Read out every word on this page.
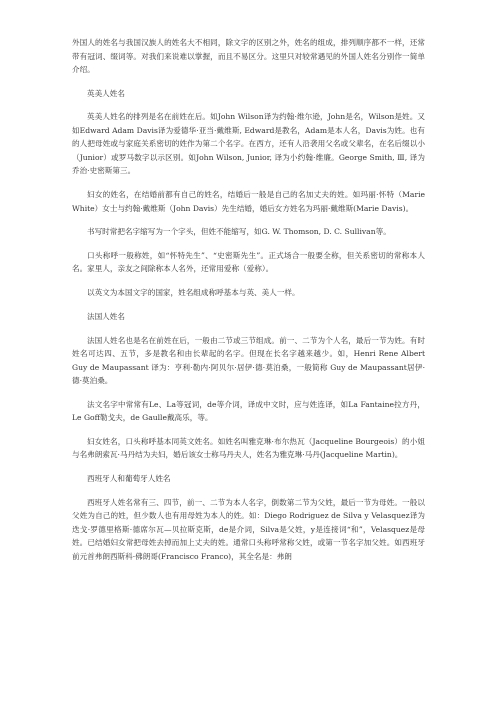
外国人的姓名与我国汉族人的姓名大不相同，除文字的区别之外，姓名的组成，排列顺序都不一样，还常带有冠词、缀词等。对我们来说难以掌握，而且不易区分。这里只对较常遇见的外国人姓名分别作一简单介绍。

英美人姓名

英美人姓名的排列是名在前姓在后。如John Wilson译为约翰·维尔逊，John是名，Wilson是姓。又如Edward Adam Davis译为爱德华·亚当·戴维斯, Edward是教名，Adam是本人名，Davis为姓。也有的人把母姓或与家庭关系密切的姓作为第二个名字。在西方，还有人沿袭用父名或父辈名，在名后缀以小（Junior）或罗马数字以示区别。如John Wilson, Junior, 译为小约翰·维廉。George Smith, Ⅲ, 译为乔治·史密斯第三。

妇女的姓名，在结婚前都有自己的姓名，结婚后一般是自己的名加丈夫的姓。如玛丽·怀特（Marie White）女士与约翰·戴维斯（John Davis）先生结婚，婚后女方姓名为玛丽·戴维斯(Marie Davis)。

书写时常把名字缩写为一个字头，但姓不能缩写，如G. W. Thomson, D. C. Sullivan等。

口头称呼一般称姓，如“怀特先生”、“史密斯先生”。正式场合一般要全称，但关系密切的常称本人名。家里人，亲友之间除称本人名外，还常用爱称（爱称）。

以英文为本国文字的国家，姓名组成称呼基本与英、美人一样。

法国人姓名

法国人姓名也是名在前姓在后，一般由二节或三节组成。前一、二节为个人名，最后一节为姓。有时姓名可达四、五节，多是教名和由长辈起的名字。但现在长名字越来越少。如，Henri Rene Albert Guy de Maupassant 译为：亨利·勒内·阿贝尔·居伊·德·莫泊桑，一般简称 Guy de Maupassant居伊·德·莫泊桑。

法文名字中常常有Le、La等冠词，de等介词，译成中文时，应与姓连译，如La Fantaine拉方丹，Le Goff勒戈夫，de Gaulle戴高乐，等。

妇女姓名，口头称呼基本同英文姓名。如姓名叫雅克琳·布尔热瓦（Jacqueline Bourgeois）的小姐与名弗朗索瓦·马丹结为夫妇，婚后该女士称马丹夫人，姓名为雅克琳·马丹(Jacqueline Martin)。

西班牙人和葡萄牙人姓名

西班牙人姓名常有三、四节，前一、二节为本人名字，倒数第二节为父姓，最后一节为母姓。一般以父姓为自己的姓，但少数人也有用母姓为本人的姓。如：Diego Rodriguez de Silva y Velasquez译为迭戈·罗德里格斯·德席尔瓦—贝拉斯克斯，de是介词，Silva是父姓，y是连接词“和”，Velasquez是母姓。已结婚妇女常把母姓去掉而加上丈夫的姓。通常口头称呼常称父姓，或第一节名字加父姓。如西班牙前元首弗朗西斯科·佛朗哥(Francisco Franco)，其全名是：弗朗
